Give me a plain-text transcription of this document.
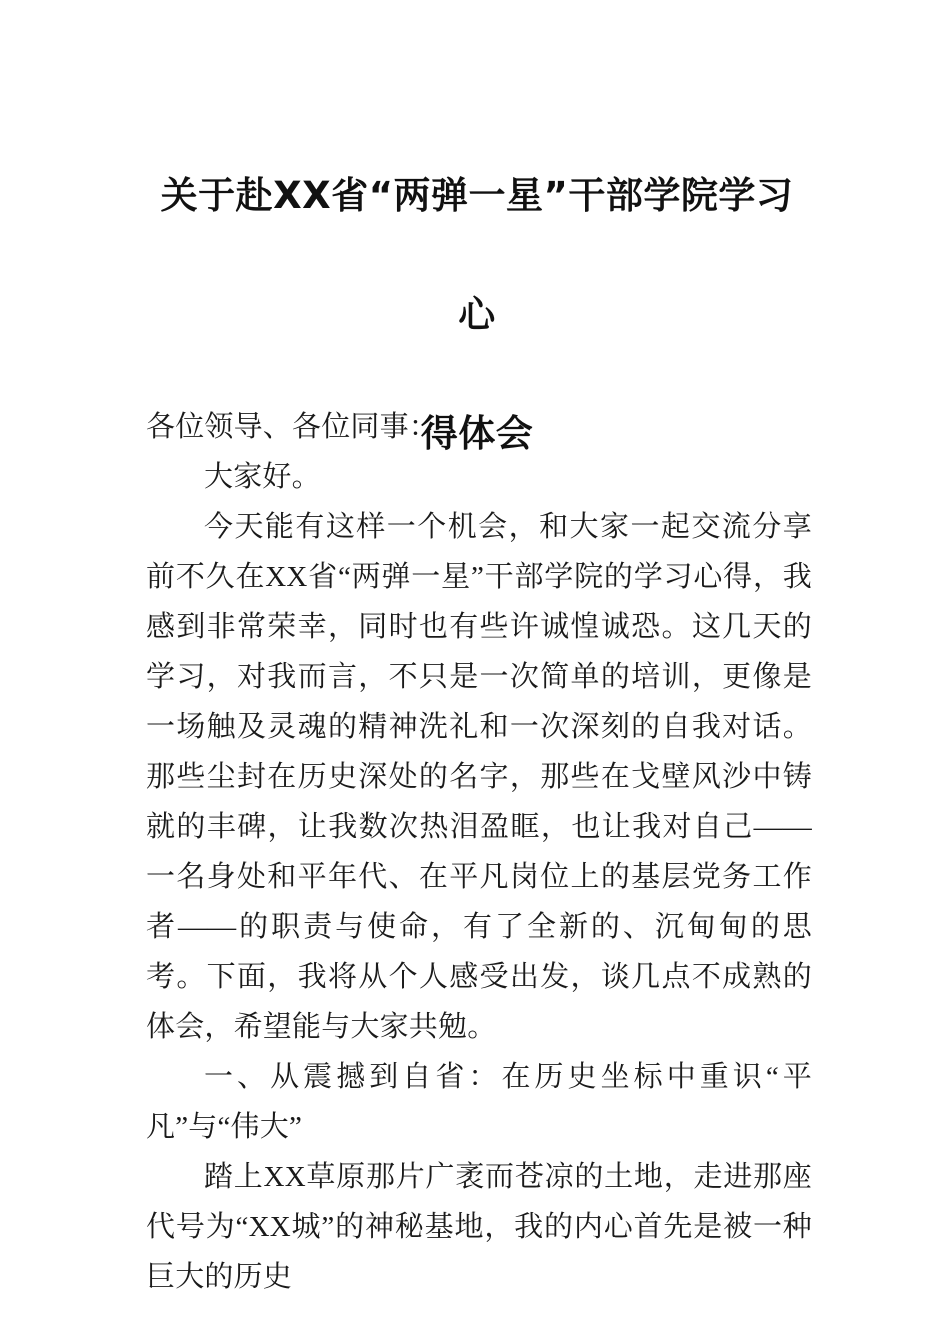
关于赴XX省“两弹一星”干部学院学习心
得体会

各位领导、各位同事：

大家好。

今天能有这样一个机会，和大家一起交流分享前不久在XX省“两弹一星”干部学院的学习心得，我感到非常荣幸，同时也有些许诚惶诚恐。这几天的学习，对我而言，不只是一次简单的培训，更像是一场触及灵魂的精神洗礼和一次深刻的自我对话。那些尘封在历史深处的名字，那些在戈壁风沙中铸就的丰碑，让我数次热泪盈眶，也让我对自己——一名身处和平年代、在平凡岗位上的基层党务工作者——的职责与使命，有了全新的、沉甸甸的思考。下面，我将从个人感受出发，谈几点不成熟的体会，希望能与大家共勉。

一、从震撼到自省：在历史坐标中重识“平凡”与“伟大”

踏上XX草原那片广袤而苍凉的土地，走进那座代号为“XX城”的神秘基地，我的内心首先是被一种巨大的历史
